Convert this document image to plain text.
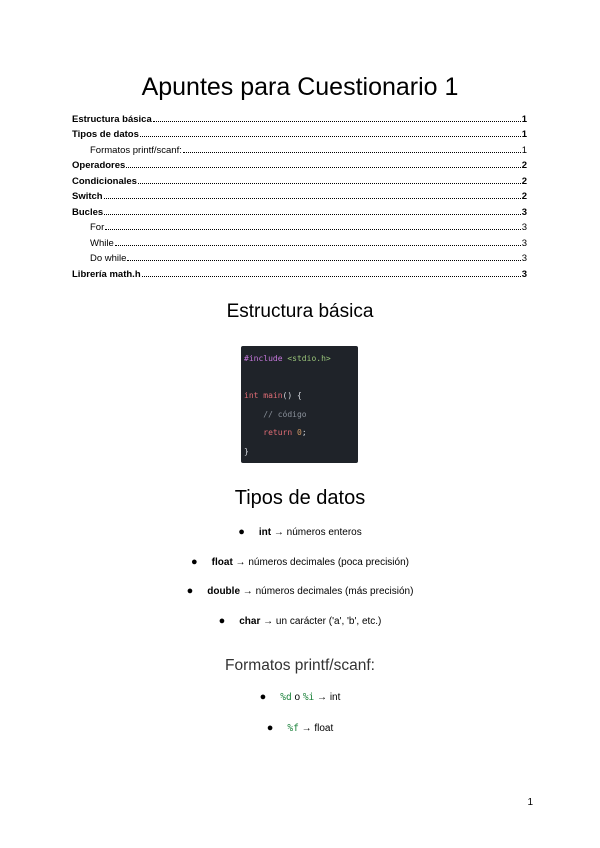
Apuntes para Cuestionario 1
Estructura básica	1
Tipos de datos	1
Formatos printf/scanf:	1
Operadores	2
Condicionales	2
Switch	2
Bucles	3
For	3
While	3
Do while	3
Librería math.h	3
Estructura básica
#include <stdio.h>

int main() {
// código
return 0;
}
Tipos de datos
● int → números enteros
● float → números decimales (poca precisión)
● double → números decimales (más precisión)
● char → un carácter ('a', 'b', etc.)
Formatos printf/scanf:
● %d o %i → int
● %f → float
1
